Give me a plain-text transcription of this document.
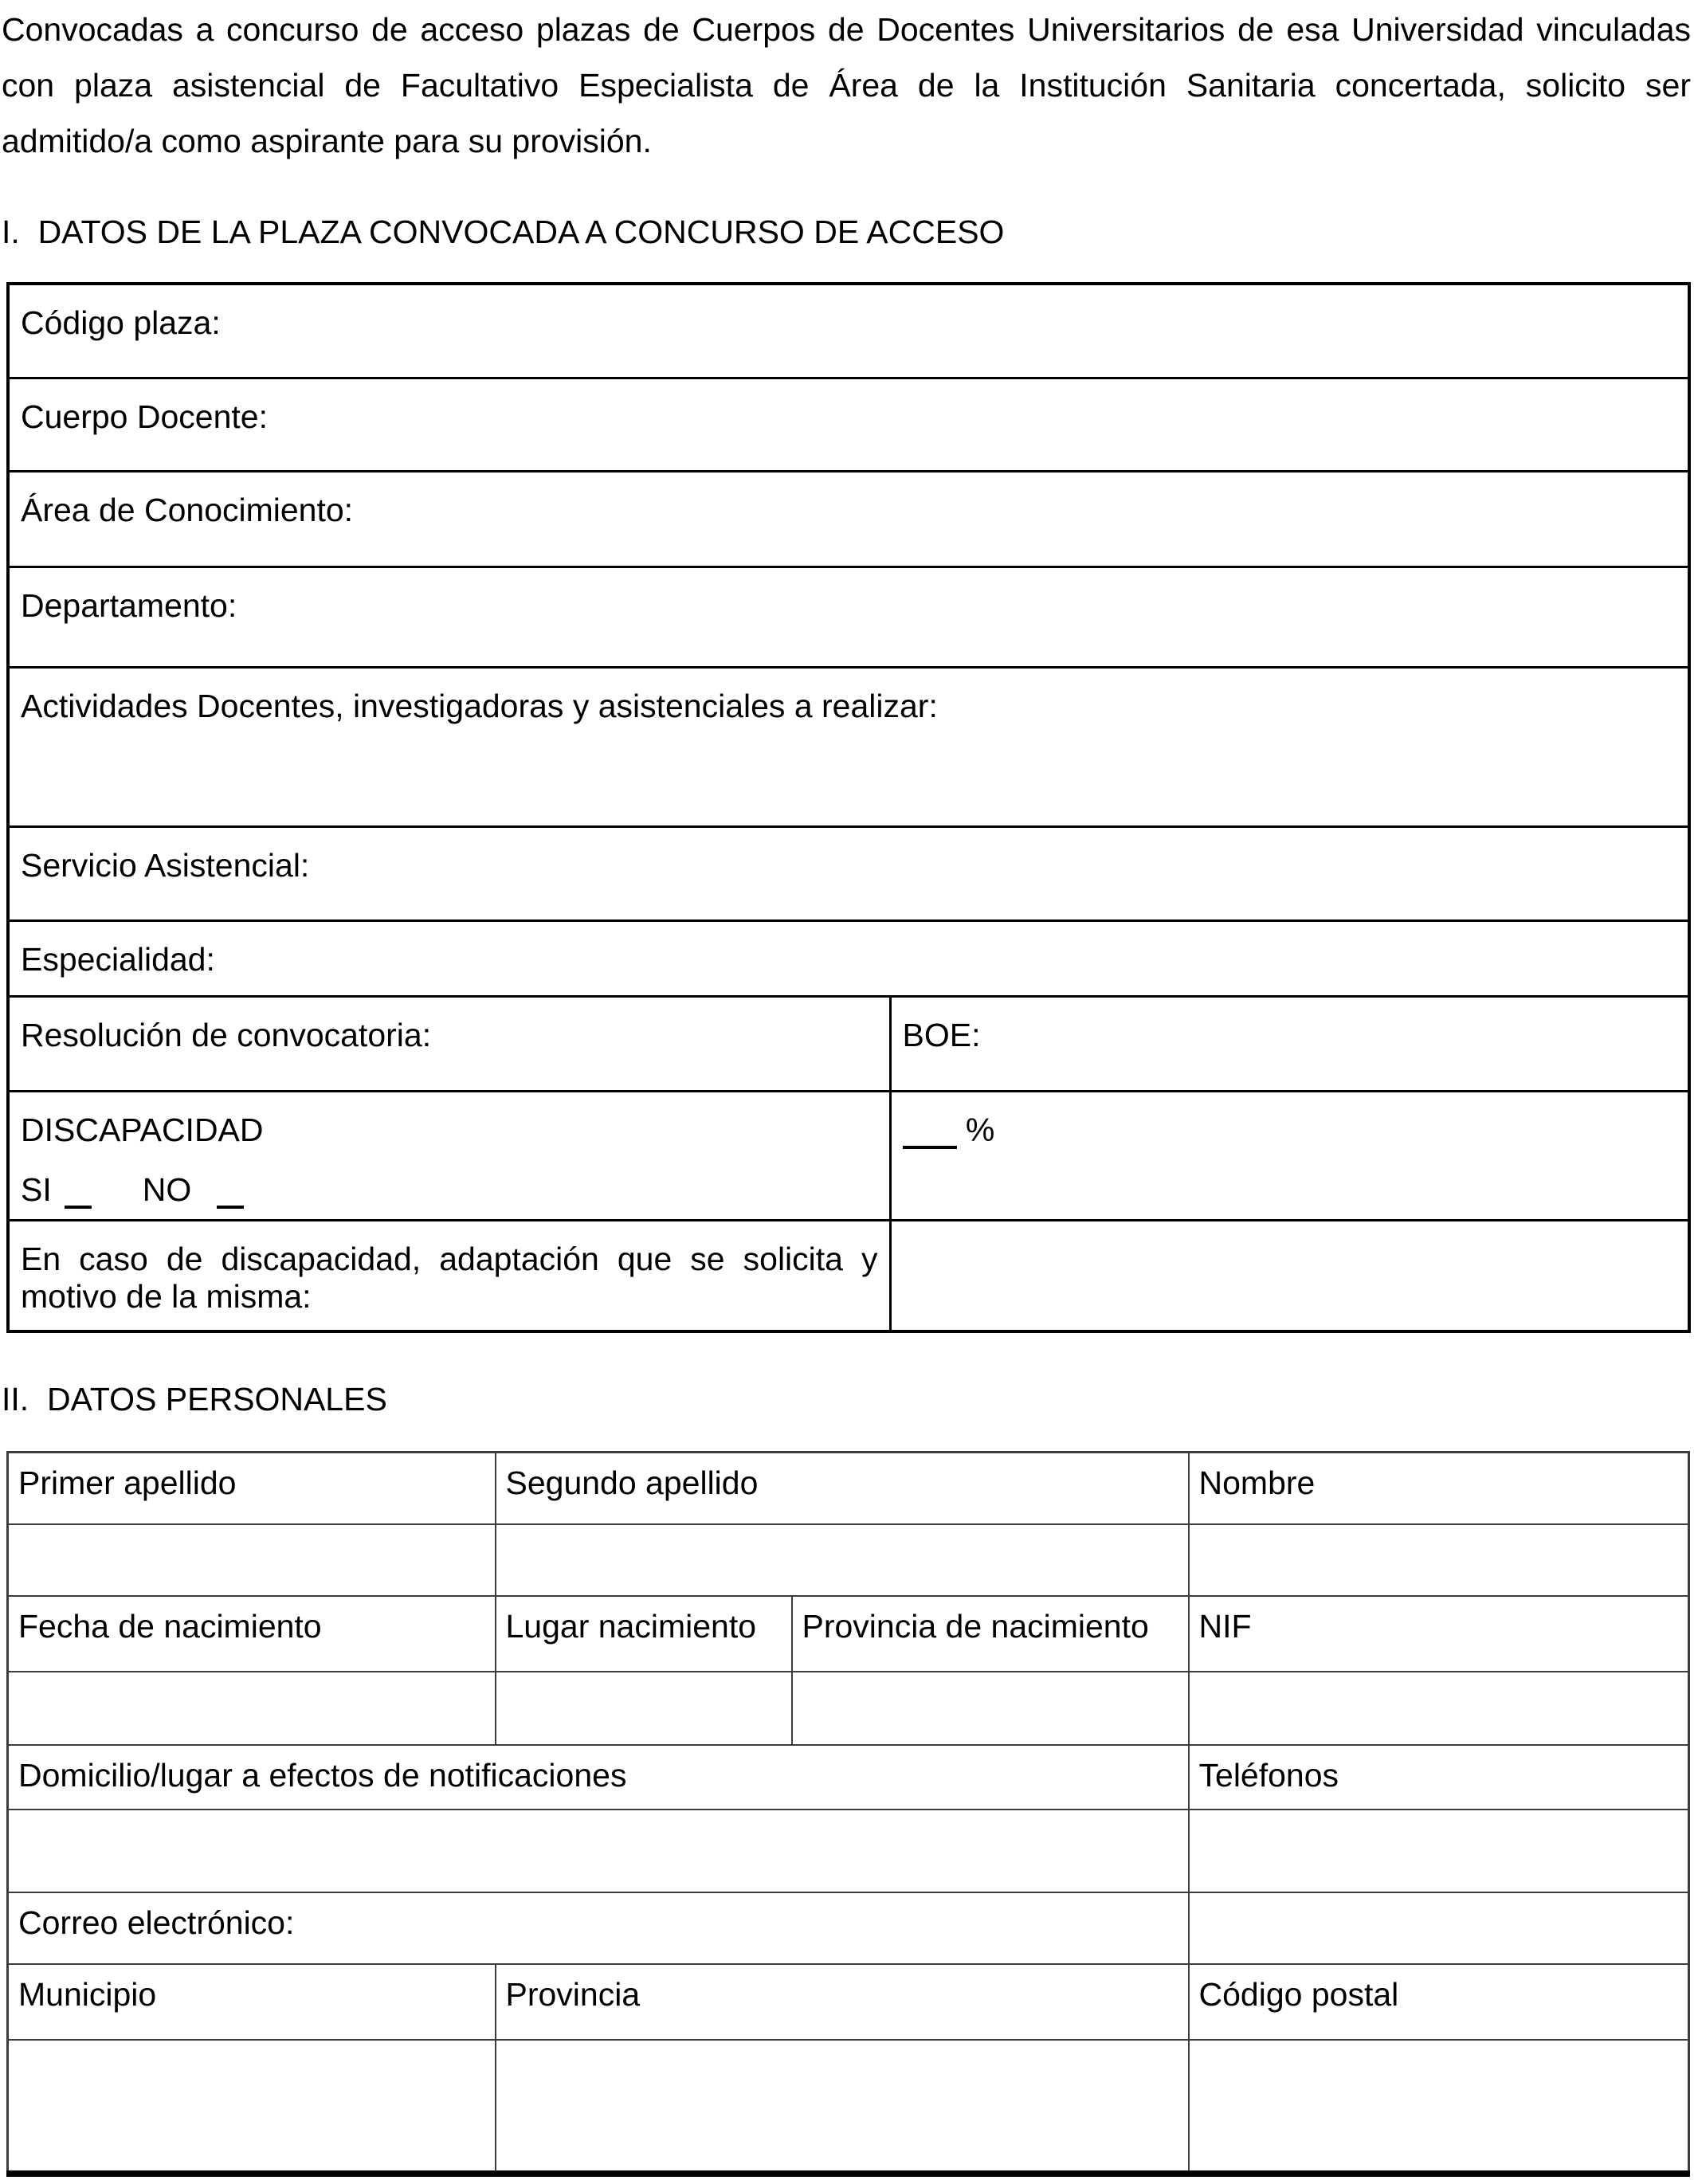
Convocadas a concurso de acceso plazas de Cuerpos de Docentes Universitarios de esa Universidad vinculadas
con plaza asistencial de Facultativo Especialista de Área de la Institución Sanitaria concertada, solicito ser
admitido/a como aspirante para su provisión.
I.  DATOS DE LA PLAZA CONVOCADA A CONCURSO DE ACCESO
Código plaza:	
Cuerpo Docente:	
Área de Conocimiento:	
Departamento:	
Actividades Docentes, investigadoras y asistenciales a realizar:	
Servicio Asistencial:	
Especialidad:	
Resolución de convocatoria:	BOE:

DISCAPACIDAD
SI NO	%
En caso de discapacidad, adaptación que se solicita y motivo de la misma:	
II.  DATOS PERSONALES
Primer apellido	Segundo apellido		Nombre

Fecha de nacimiento	Lugar nacimiento	Provincia de nacimiento	NIF

Domicilio/lugar a efectos de notificaciones			Teléfonos

Correo electrónico:			
Municipio	Provincia		Código postal
